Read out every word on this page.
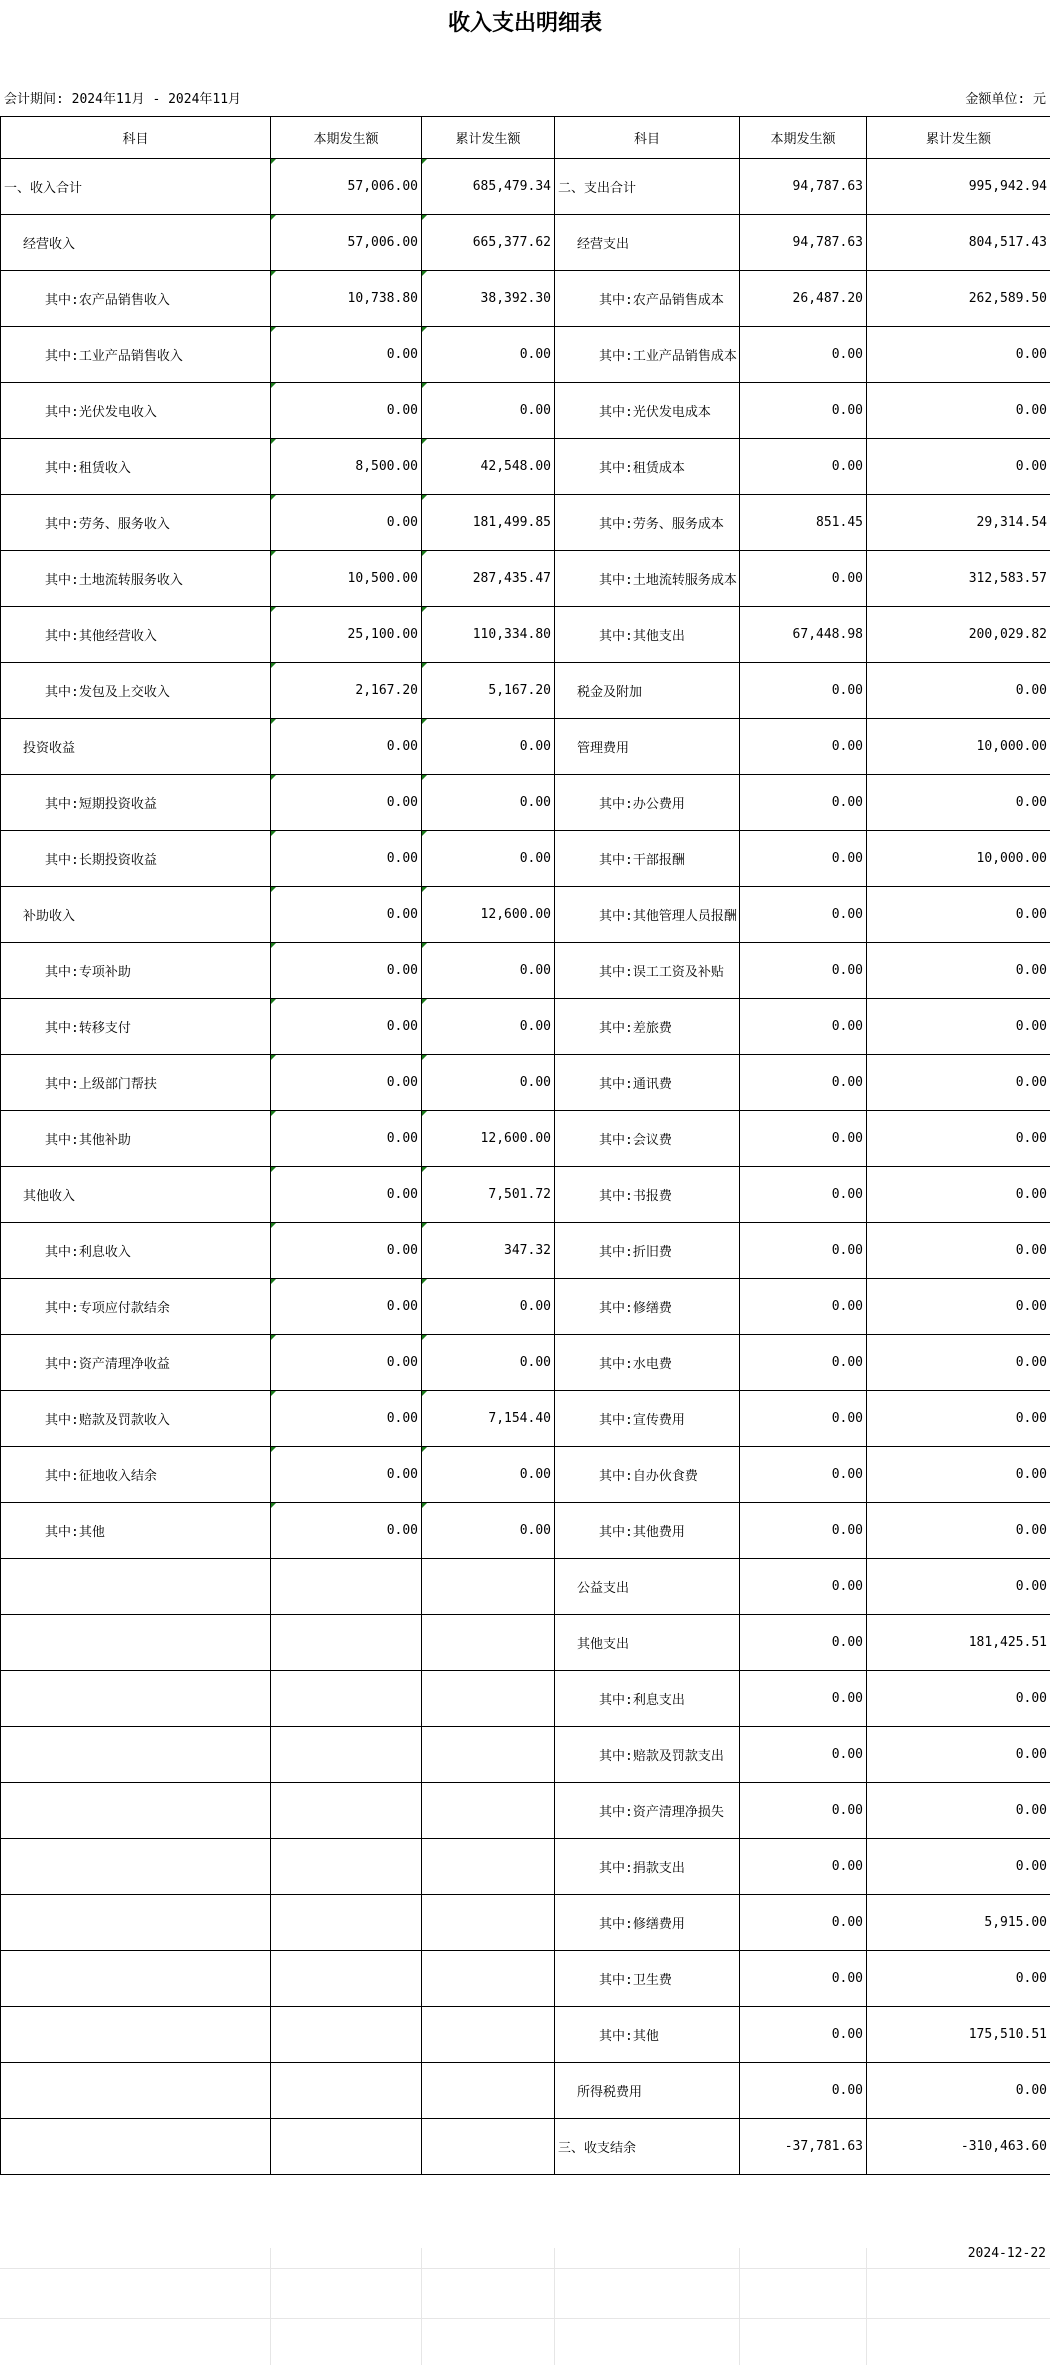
收入支出明细表
会计期间: 2024年11月 - 2024年11月	金额单位: 元
科目	本期发生额	累计发生额	科目	本期发生额	累计发生额
一、收入合计	57,006.00	685,479.34	二、支出合计	94,787.63	995,942.94
经营收入	57,006.00	665,377.62	经营支出	94,787.63	804,517.43
其中:农产品销售收入	10,738.80	38,392.30	其中:农产品销售成本	26,487.20	262,589.50
其中:工业产品销售收入	0.00	0.00	其中:工业产品销售成本	0.00	0.00
其中:光伏发电收入	0.00	0.00	其中:光伏发电成本	0.00	0.00
其中:租赁收入	8,500.00	42,548.00	其中:租赁成本	0.00	0.00
其中:劳务、服务收入	0.00	181,499.85	其中:劳务、服务成本	851.45	29,314.54
其中:土地流转服务收入	10,500.00	287,435.47	其中:土地流转服务成本	0.00	312,583.57
其中:其他经营收入	25,100.00	110,334.80	其中:其他支出	67,448.98	200,029.82
其中:发包及上交收入	2,167.20	5,167.20	税金及附加	0.00	0.00
投资收益	0.00	0.00	管理费用	0.00	10,000.00
其中:短期投资收益	0.00	0.00	其中:办公费用	0.00	0.00
其中:长期投资收益	0.00	0.00	其中:干部报酬	0.00	10,000.00
补助收入	0.00	12,600.00	其中:其他管理人员报酬	0.00	0.00
其中:专项补助	0.00	0.00	其中:误工工资及补贴	0.00	0.00
其中:转移支付	0.00	0.00	其中:差旅费	0.00	0.00
其中:上级部门帮扶	0.00	0.00	其中:通讯费	0.00	0.00
其中:其他补助	0.00	12,600.00	其中:会议费	0.00	0.00
其他收入	0.00	7,501.72	其中:书报费	0.00	0.00
其中:利息收入	0.00	347.32	其中:折旧费	0.00	0.00
其中:专项应付款结余	0.00	0.00	其中:修缮费	0.00	0.00
其中:资产清理净收益	0.00	0.00	其中:水电费	0.00	0.00
其中:赔款及罚款收入	0.00	7,154.40	其中:宣传费用	0.00	0.00
其中:征地收入结余	0.00	0.00	其中:自办伙食费	0.00	0.00
其中:其他	0.00	0.00	其中:其他费用	0.00	0.00
			公益支出	0.00	0.00
			其他支出	0.00	181,425.51
			其中:利息支出	0.00	0.00
			其中:赔款及罚款支出	0.00	0.00
			其中:资产清理净损失	0.00	0.00
			其中:捐款支出	0.00	0.00
			其中:修缮费用	0.00	5,915.00
			其中:卫生费	0.00	0.00
			其中:其他	0.00	175,510.51
			所得税费用	0.00	0.00
			三、收支结余	-37,781.63	-310,463.60
2024-12-22
